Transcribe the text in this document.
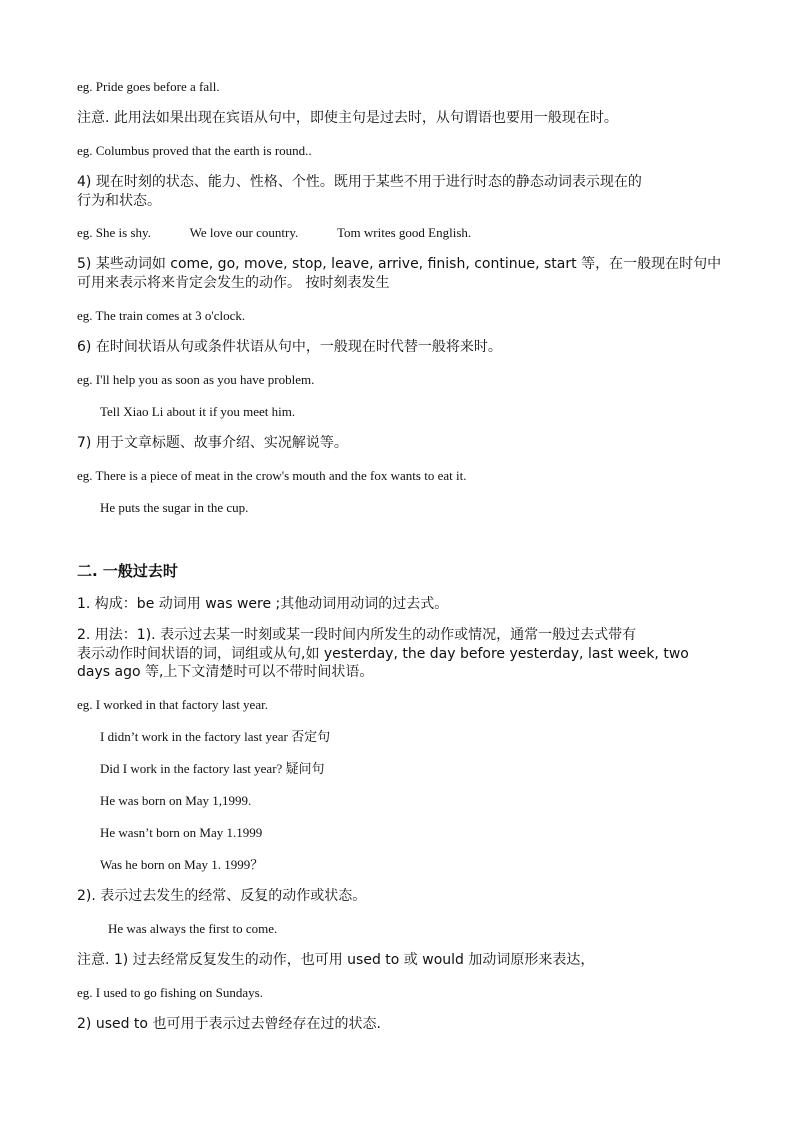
eg. Pride goes before a fall.
注意. 此用法如果出现在宾语从句中，即使主句是过去时，从句谓语也要用一般现在时。
eg. Columbus proved that the earth is round..
4) 现在时刻的状态、能力、性格、个性。既用于某些不用于进行时态的静态动词表示现在的
行为和状态。
eg. She is shy.            We love our country.            Tom writes good English.
5) 某些动词如 come, go, move, stop, leave, arrive, finish, continue, start 等，在一般现在时句中
可用来表示将来肯定会发生的动作。 按时刻表发生
eg. The train comes at 3 o'clock.
6) 在时间状语从句或条件状语从句中，一般现在时代替一般将来时。
eg. I'll help you as soon as you have problem.
Tell Xiao Li about it if you meet him.
7) 用于文章标题、故事介绍、实况解说等。
eg. There is a piece of meat in the crow's mouth and the fox wants to eat it.
He puts the sugar in the cup.
二. 一般过去时
1. 构成：be 动词用 was were ;其他动词用动词的过去式。
2. 用法：1). 表示过去某一时刻或某一段时间内所发生的动作或情况，通常一般过去式带有
表示动作时间状语的词，词组或从句,如 yesterday, the day before yesterday, last week, two
days ago 等,上下文清楚时可以不带时间状语。
eg. I worked in that factory last year.
I didn’t work in the factory last year 否定句
Did I work in the factory last year? 疑问句
He was born on May 1,1999.
He wasn’t born on May 1.1999
Was he born on May 1. 1999？
2). 表示过去发生的经常、反复的动作或状态。
He was always the first to come.
注意. 1) 过去经常反复发生的动作，也可用 used to 或 would 加动词原形来表达，
eg. I used to go fishing on Sundays.
2) used to 也可用于表示过去曾经存在过的状态.
